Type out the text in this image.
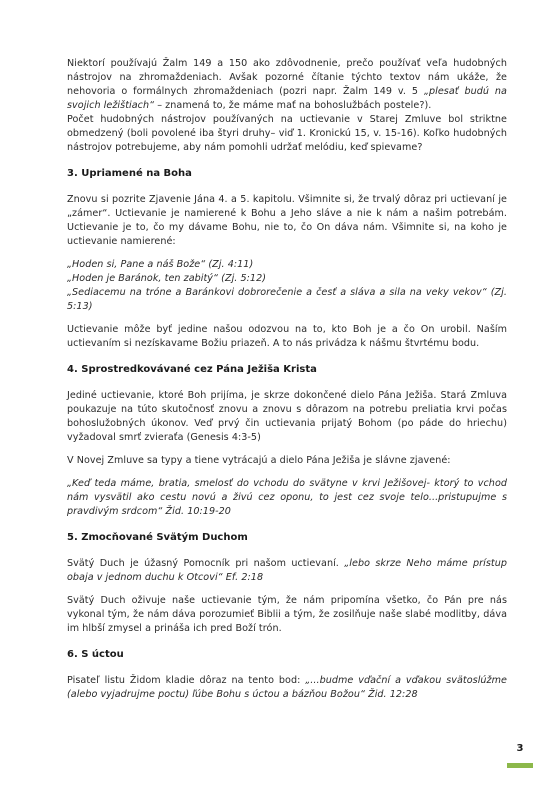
Niektorí používajú Žalm 149 a 150 ako zdôvodnenie, prečo používať veľa hudobných nástrojov na zhromaždeniach. Avšak pozorné čítanie týchto textov nám ukáže, že nehovoria o formálnych zhromaždeniach (pozri napr. Žalm 149 v. 5 „plesať budú na svojich ležištiach“ – znamená to, že máme mať na bohoslužbách postele?).

Počet hudobných nástrojov používaných na uctievanie v Starej Zmluve bol striktne obmedzený (boli povolené iba štyri druhy– viď 1. Kronickú 15, v. 15-16). Koľko hudobných nástrojov potrebujeme, aby nám pomohli udržať melódiu, keď spievame?

3. Upriamené na Boha

Znovu si pozrite Zjavenie Jána 4. a 5. kapitolu. Všimnite si, že trvalý dôraz pri uctievaní je „zámer“. Uctievanie je namierené k Bohu a Jeho sláve a nie k nám a našim potrebám. Uctievanie je to, čo my dávame Bohu, nie to, čo On dáva nám. Všimnite si, na koho je uctievanie namierené:

„Hoden si, Pane a náš Bože“ (Zj. 4:11)

„Hoden je Baránok, ten zabitý“ (Zj. 5:12)

„Sediacemu na tróne a Baránkovi dobrorečenie a česť a sláva a sila na veky vekov“ (Zj. 5:13)

Uctievanie môže byť jedine našou odozvou na to, kto Boh je a čo On urobil. Naším uctievaním si nezískavame Božiu priazeň. A to nás privádza k nášmu štvrtému bodu.

4. Sprostredkovávané cez Pána Ježiša Krista

Jediné uctievanie, ktoré Boh prijíma, je skrze dokončené dielo Pána Ježiša. Stará Zmluva poukazuje na túto skutočnosť znovu a znovu s dôrazom na potrebu preliatia krvi počas bohoslužobných úkonov. Veď prvý čin uctievania prijatý Bohom (po páde do hriechu) vyžadoval smrť zvieraťa (Genesis 4:3-5)

V Novej Zmluve sa typy a tiene vytrácajú a dielo Pána Ježiša je slávne zjavené:

„Keď teda máme, bratia, smelosť do vchodu do svätyne v krvi Ježišovej- ktorý to vchod nám vysvätil ako cestu novú a živú cez oponu, to jest cez svoje telo...pristupujme s pravdivým srdcom“ Žid. 10:19-20

5. Zmocňované Svätým Duchom

Svätý Duch je úžasný Pomocník pri našom uctievaní. „lebo skrze Neho máme prístup obaja v jednom duchu k Otcovi“ Ef. 2:18

Svätý Duch oživuje naše uctievanie tým, že nám pripomína všetko, čo Pán pre nás vykonal tým, že nám dáva porozumieť Biblii a tým, že zosilňuje naše slabé modlitby, dáva im hlbší zmysel a prináša ich pred Boží trón.

6. S úctou

Pisateľ listu Židom kladie dôraz na tento bod: „...budme vďační a vďakou svätoslúžme (alebo vyjadrujme poctu) ľúbe Bohu s úctou a bázňou Božou“ Žid. 12:28

3
